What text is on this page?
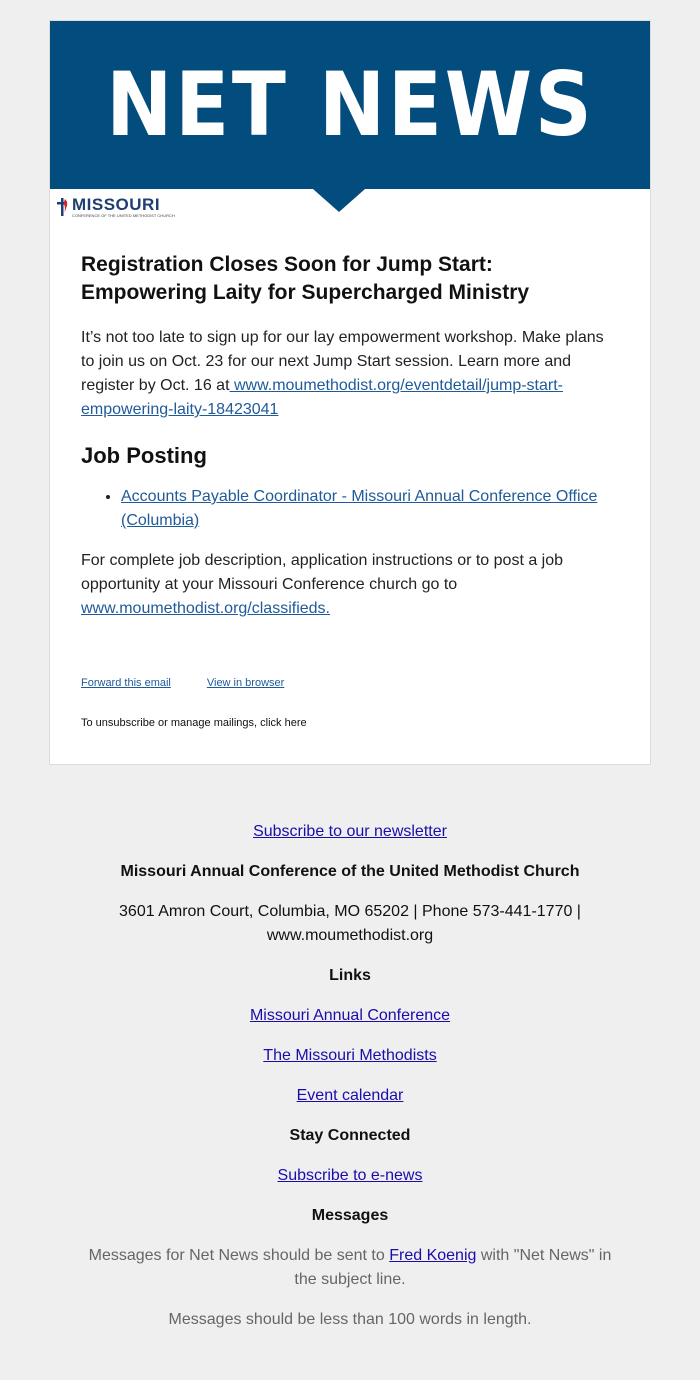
NET NEWS
MISSOURI
CONFERENCE OF THE UNITED METHODIST CHURCH
Registration Closes Soon for Jump Start: Empowering Laity for Supercharged Ministry

It’s not too late to sign up for our lay empowerment workshop. Make plans to join us on Oct. 23 for our next Jump Start session. Learn more and register by Oct. 16 at www.moumethodist.org/eventdetail/jump-start-empowering-laity-18423041

Job Posting
• Accounts Payable Coordinator - Missouri Annual Conference Office (Columbia)

For complete job description, application instructions or to post a job opportunity at your Missouri Conference church go to
www.moumethodist.org/classifieds.

Forward this email	View in browser
To unsubscribe or manage mailings, click here
Subscribe to our newsletter
Missouri Annual Conference of the United Methodist Church
3601 Amron Court, Columbia, MO 65202 | Phone 573-441-1770 |
www.moumethodist.org
Links
Missouri Annual Conference
The Missouri Methodists
Event calendar
Stay Connected
Subscribe to e-news
Messages
Messages for Net News should be sent to Fred Koenig with "Net News" in the subject line.
Messages should be less than 100 words in length.
